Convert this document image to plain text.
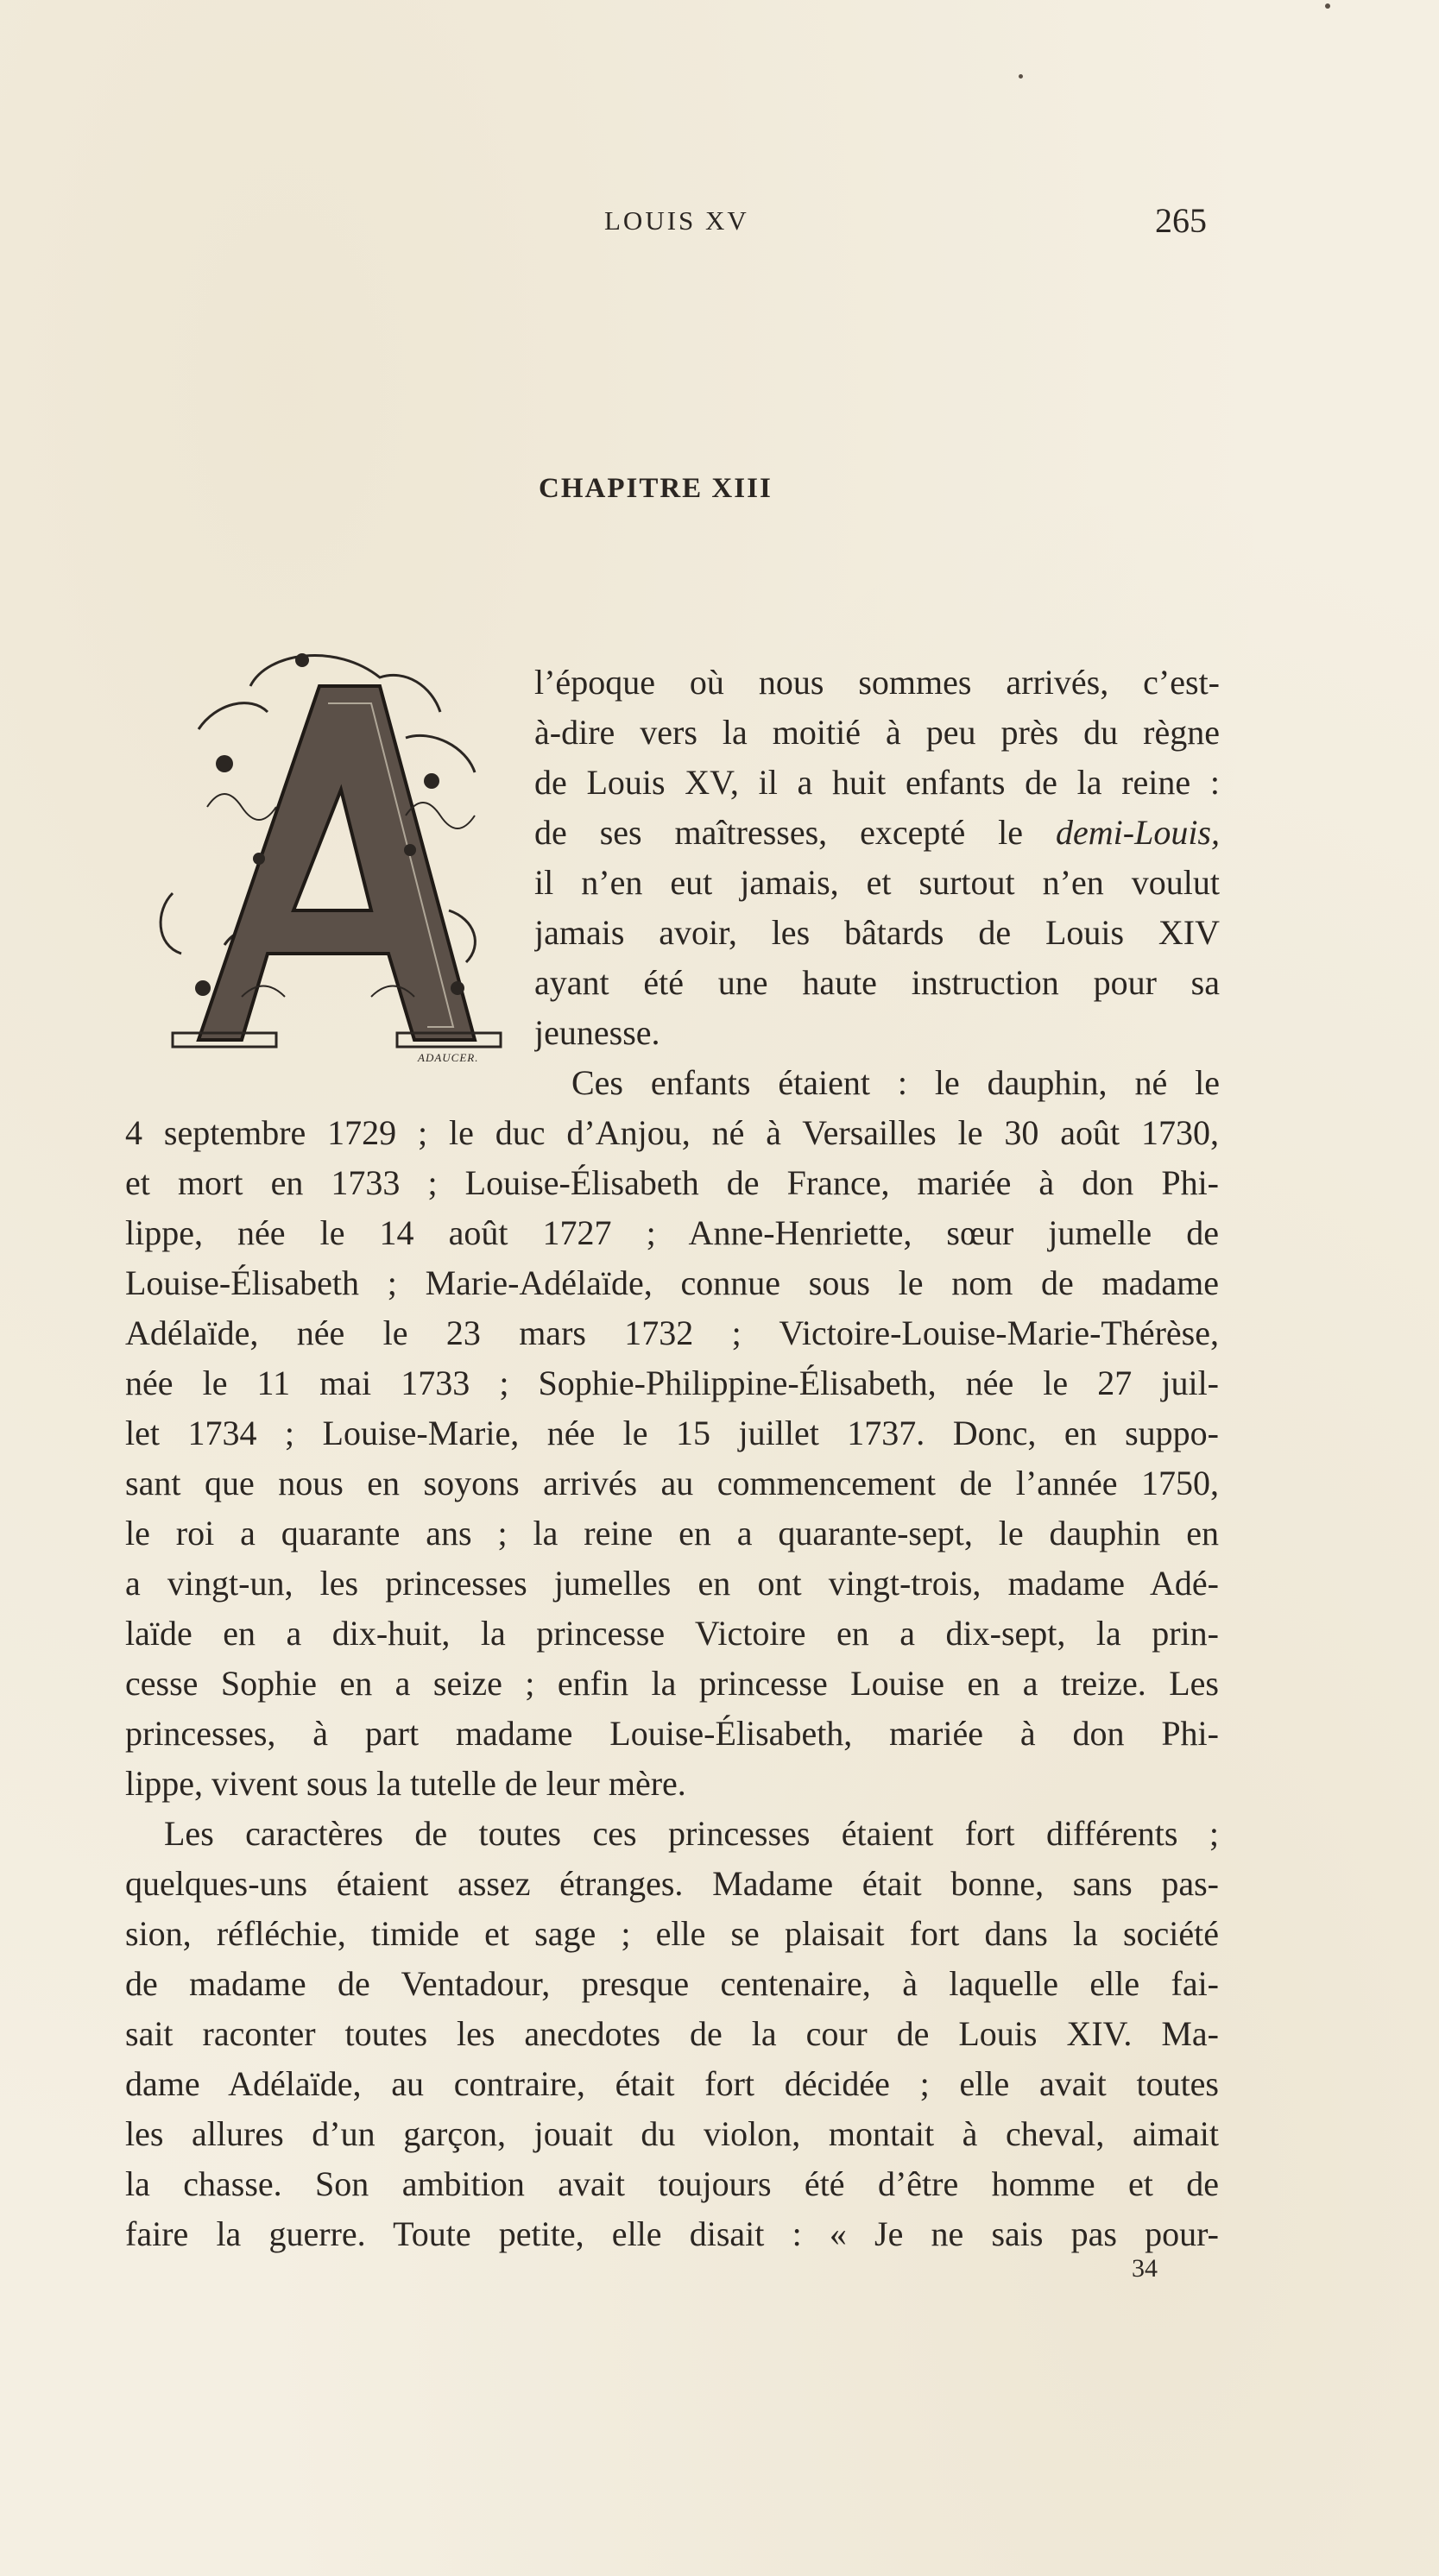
LOUIS XV	265
CHAPITRE XIII
ADAUCER.
l’époque où nous sommes arrivés, c’est-
à-dire vers la moitié à peu près du règne
de Louis XV, il a huit enfants de la reine :
de ses maîtresses, excepté le demi-Louis,
il n’en eut jamais, et surtout n’en voulut
jamais avoir, les bâtards de Louis XIV
ayant été une haute instruction pour sa
jeunesse.
Ces enfants étaient : le dauphin, né le
4 septembre 1729 ; le duc d’Anjou, né à Versailles le 30 août 1730,
et mort en 1733 ; Louise-Élisabeth de France, mariée à don Phi-
lippe, née le 14 août 1727 ; Anne-Henriette, sœur jumelle de
Louise-Élisabeth ; Marie-Adélaïde, connue sous le nom de madame
Adélaïde, née le 23 mars 1732 ; Victoire-Louise-Marie-Thérèse,
née le 11 mai 1733 ; Sophie-Philippine-Élisabeth, née le 27 juil-
let 1734 ; Louise-Marie, née le 15 juillet 1737. Donc, en suppo-
sant que nous en soyons arrivés au commencement de l’année 1750,
le roi a quarante ans ; la reine en a quarante-sept, le dauphin en
a vingt-un, les princesses jumelles en ont vingt-trois, madame Adé-
laïde en a dix-huit, la princesse Victoire en a dix-sept, la prin-
cesse Sophie en a seize ; enfin la princesse Louise en a treize. Les
princesses, à part madame Louise-Élisabeth, mariée à don Phi-
lippe, vivent sous la tutelle de leur mère.
Les caractères de toutes ces princesses étaient fort différents ;
quelques-uns étaient assez étranges. Madame était bonne, sans pas-
sion, réfléchie, timide et sage ; elle se plaisait fort dans la société
de madame de Ventadour, presque centenaire, à laquelle elle fai-
sait raconter toutes les anecdotes de la cour de Louis XIV. Ma-
dame Adélaïde, au contraire, était fort décidée ; elle avait toutes
les allures d’un garçon, jouait du violon, montait à cheval, aimait
la chasse. Son ambition avait toujours été d’être homme et de
faire la guerre. Toute petite, elle disait : « Je ne sais pas pour-
34
